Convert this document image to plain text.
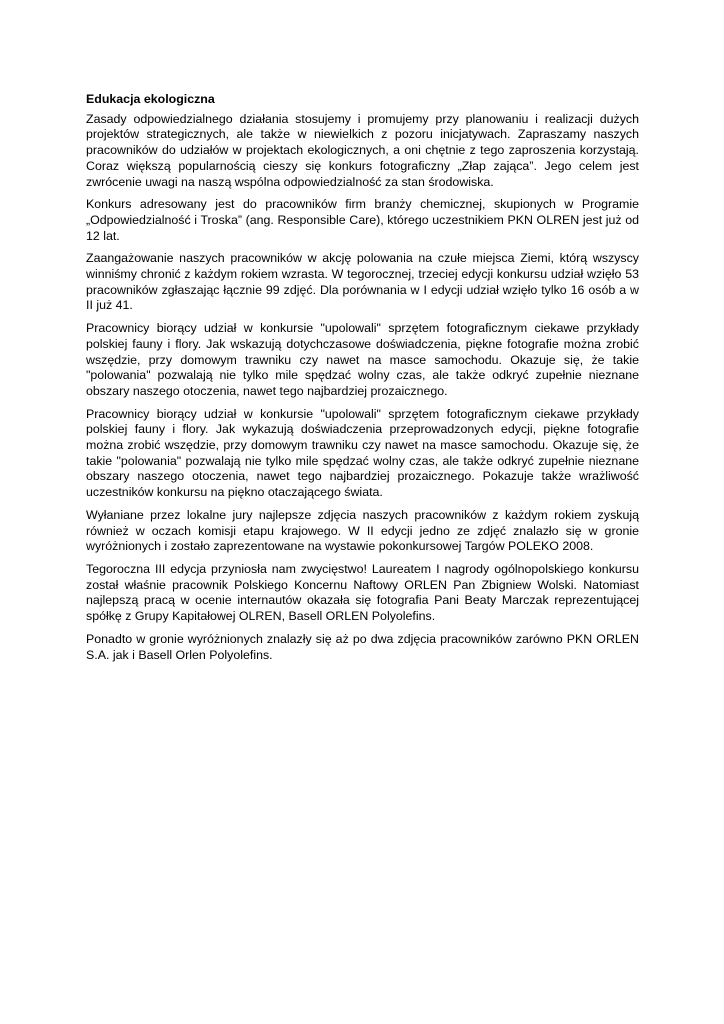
Edukacja ekologiczna
Zasady odpowiedzialnego działania stosujemy i promujemy przy planowaniu i realizacji dużych projektów strategicznych, ale także w niewielkich z pozoru inicjatywach. Zapraszamy naszych pracowników do udziałów w projektach ekologicznych, a oni chętnie z tego zaproszenia korzystają. Coraz większą popularnością cieszy się konkurs fotograficzny „Złap zająca”. Jego celem jest zwrócenie uwagi na naszą wspólna odpowiedzialność za stan środowiska.
Konkurs adresowany jest do pracowników firm branży chemicznej, skupionych w Programie „Odpowiedzialność i Troska” (ang. Responsible Care), którego uczestnikiem PKN OLREN jest już od 12 lat.
Zaangażowanie naszych pracowników w akcję polowania na czułe miejsca Ziemi, którą wszyscy winniśmy chronić z każdym rokiem wzrasta. W tegorocznej, trzeciej edycji konkursu udział wzięło 53 pracowników zgłaszając łącznie 99 zdjęć. Dla porównania w I edycji udział wzięło tylko 16 osób a w II już 41.
Pracownicy biorący udział w konkursie "upolowali" sprzętem fotograficznym ciekawe przykłady polskiej fauny i flory. Jak wskazują dotychczasowe doświadczenia, piękne fotografie można zrobić wszędzie, przy domowym trawniku czy nawet na masce samochodu. Okazuje się, że takie "polowania" pozwalają nie tylko mile spędzać wolny czas, ale także odkryć zupełnie nieznane obszary naszego otoczenia, nawet tego najbardziej prozaicznego.
Pracownicy biorący udział w konkursie "upolowali" sprzętem fotograficznym ciekawe przykłady polskiej fauny i flory. Jak wykazują doświadczenia przeprowadzonych edycji, piękne fotografie można zrobić wszędzie, przy domowym trawniku czy nawet na masce samochodu. Okazuje się, że takie "polowania" pozwalają nie tylko mile spędzać wolny czas, ale także odkryć zupełnie nieznane obszary naszego otoczenia, nawet tego najbardziej prozaicznego. Pokazuje także wrażliwość uczestników konkursu na piękno otaczającego świata.
Wyłaniane przez lokalne jury najlepsze zdjęcia naszych pracowników z każdym rokiem zyskują również w oczach komisji etapu krajowego. W II edycji jedno ze zdjęć znalazło się w gronie wyróżnionych i zostało zaprezentowane na wystawie pokonkursowej Targów POLEKO 2008.
Tegoroczna III edycja przyniosła nam zwycięstwo! Laureatem I nagrody ogólnopolskiego konkursu został właśnie pracownik Polskiego Koncernu Naftowy ORLEN Pan Zbigniew Wolski. Natomiast najlepszą pracą w ocenie internautów okazała się fotografia Pani Beaty Marczak reprezentującej spółkę z Grupy Kapitałowej OLREN, Basell ORLEN Polyolefins.
Ponadto w gronie wyróżnionych znalazły się aż po dwa zdjęcia pracowników zarówno PKN ORLEN S.A. jak i Basell Orlen Polyolefins.
